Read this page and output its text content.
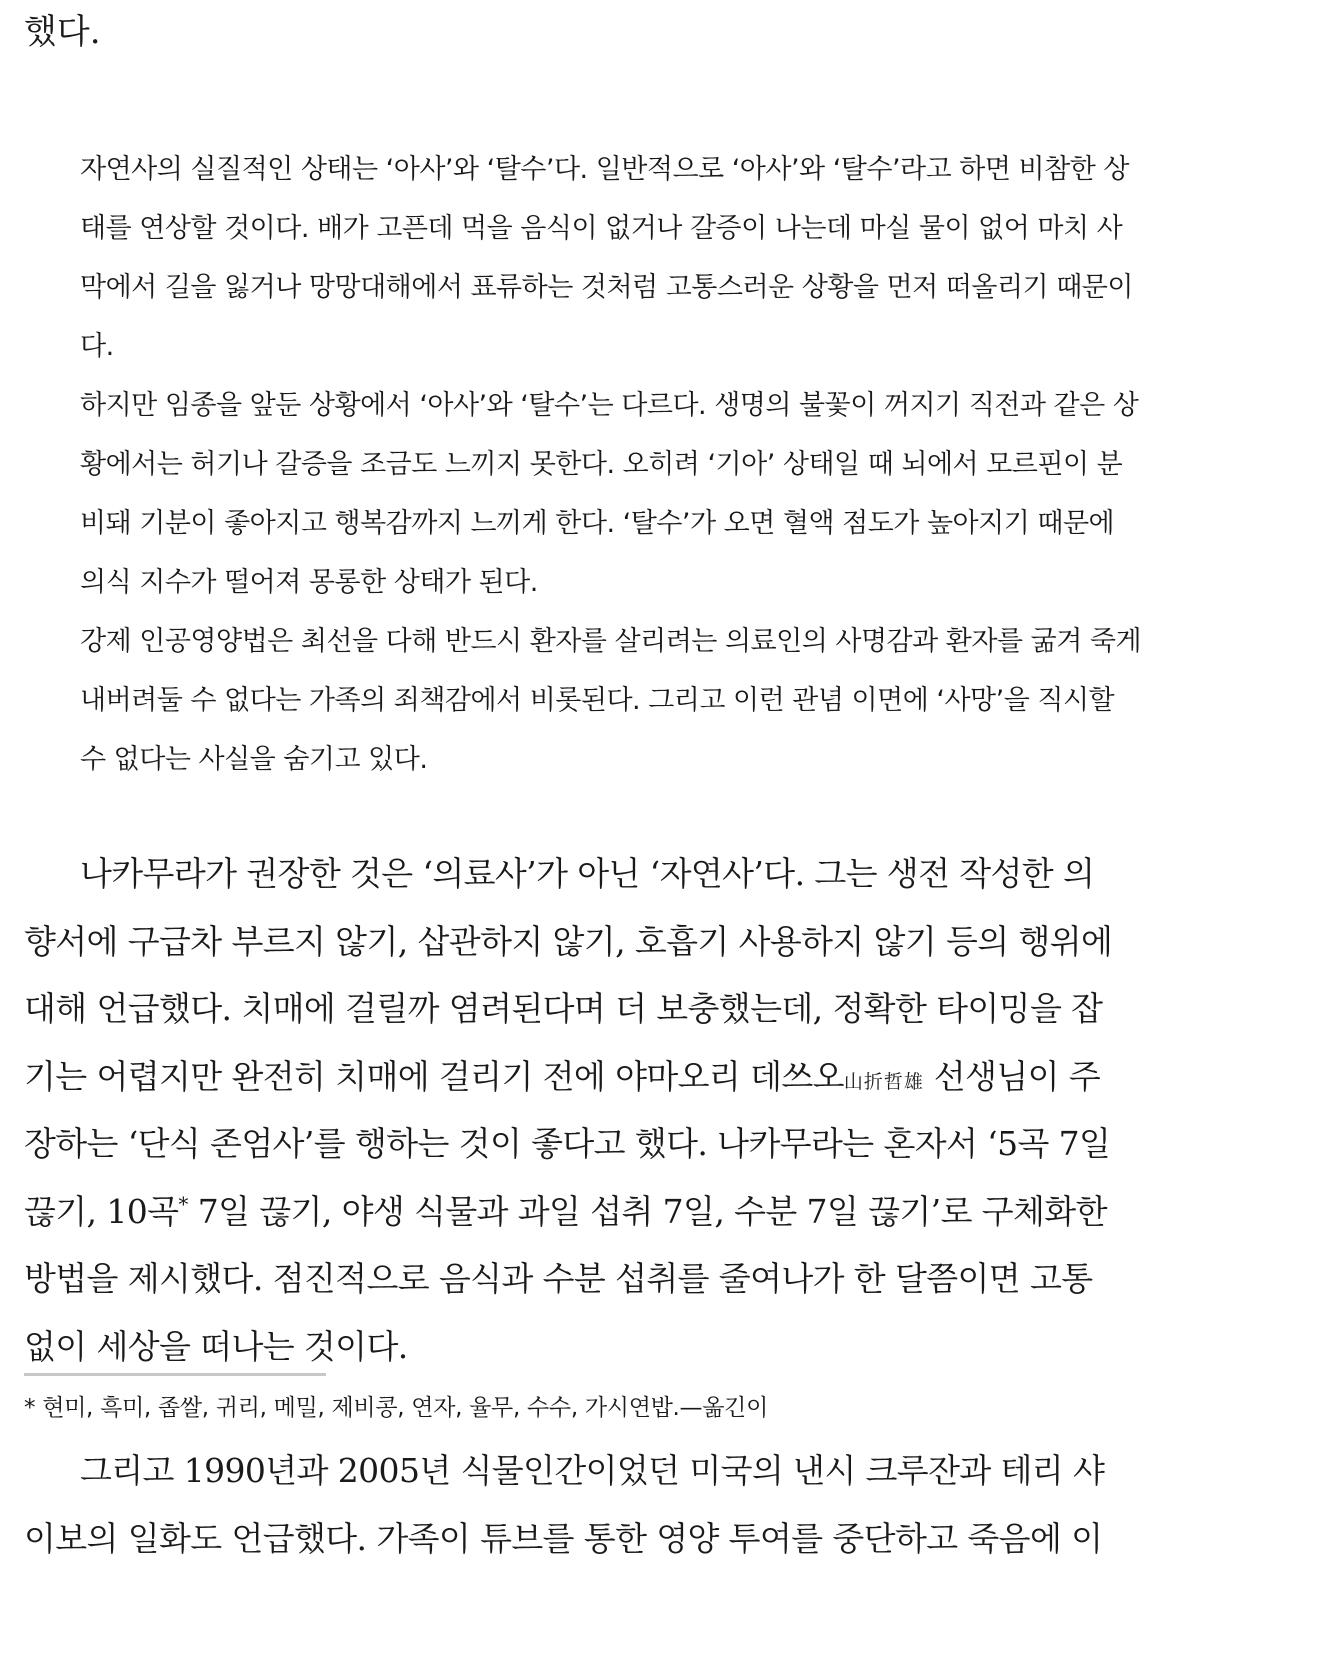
했다.
자연사의 실질적인 상태는 ‘아사’와 ‘탈수’다. 일반적으로 ‘아사’와 ‘탈수’라고 하면 비참한 상
태를 연상할 것이다. 배가 고픈데 먹을 음식이 없거나 갈증이 나는데 마실 물이 없어 마치 사
막에서 길을 잃거나 망망대해에서 표류하는 것처럼 고통스러운 상황을 먼저 떠올리기 때문이
다.
하지만 임종을 앞둔 상황에서 ‘아사’와 ‘탈수’는 다르다. 생명의 불꽃이 꺼지기 직전과 같은 상
황에서는 허기나 갈증을 조금도 느끼지 못한다. 오히려 ‘기아’ 상태일 때 뇌에서 모르핀이 분
비돼 기분이 좋아지고 행복감까지 느끼게 한다. ‘탈수’가 오면 혈액 점도가 높아지기 때문에
의식 지수가 떨어져 몽롱한 상태가 된다.
강제 인공영양법은 최선을 다해 반드시 환자를 살리려는 의료인의 사명감과 환자를 굶겨 죽게
내버려둘 수 없다는 가족의 죄책감에서 비롯된다. 그리고 이런 관념 이면에 ‘사망’을 직시할
수 없다는 사실을 숨기고 있다.
나카무라가 권장한 것은 ‘의료사’가 아닌 ‘자연사’다. 그는 생전 작성한 의
향서에 구급차 부르지 않기, 삽관하지 않기, 호흡기 사용하지 않기 등의 행위에
대해 언급했다. 치매에 걸릴까 염려된다며 더 보충했는데, 정확한 타이밍을 잡
기는 어렵지만 완전히 치매에 걸리기 전에 야마오리 데쓰오山折哲雄 선생님이 주
장하는 ‘단식 존엄사’를 행하는 것이 좋다고 했다. 나카무라는 혼자서 ‘5곡 7일
끊기, 10곡* 7일 끊기, 야생 식물과 과일 섭취 7일, 수분 7일 끊기’로 구체화한
방법을 제시했다. 점진적으로 음식과 수분 섭취를 줄여나가 한 달쯤이면 고통
없이 세상을 떠나는 것이다.
* 현미, 흑미, 좁쌀, 귀리, 메밀, 제비콩, 연자, 율무, 수수, 가시연밥.—옮긴이
그리고 1990년과 2005년 식물인간이었던 미국의 낸시 크루잔과 테리 샤
이보의 일화도 언급했다. 가족이 튜브를 통한 영양 투여를 중단하고 죽음에 이
